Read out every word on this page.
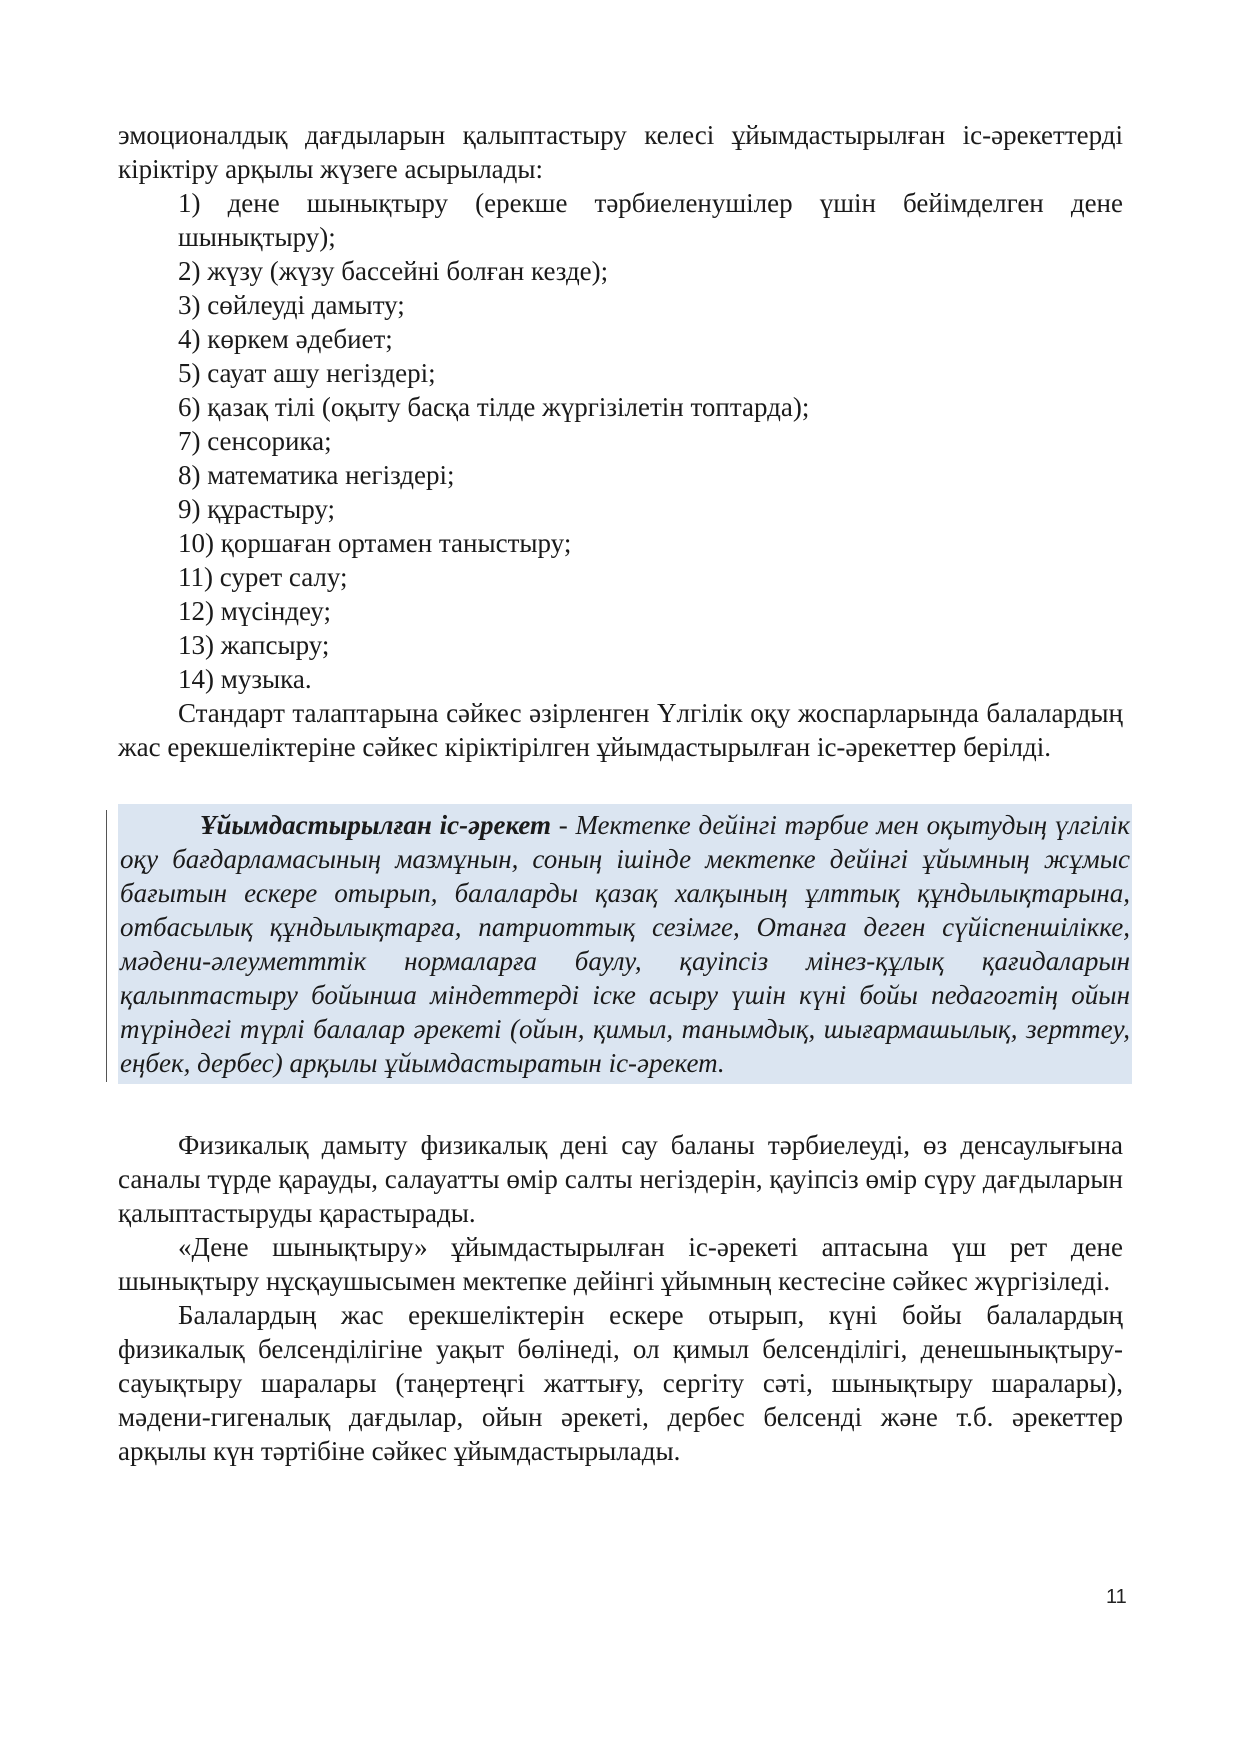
эмоционалдық дағдыларын қалыптастыру келесі ұйымдастырылған іс-әрекеттерді кіріктіру арқылы жүзеге асырылады:

1) дене шынықтыру (ерекше тәрбиеленушілер үшін бейімделген дене шынықтыру);

2) жүзу (жүзу бассейні болған кезде);

3) сөйлеуді дамыту;

4) көркем әдебиет;

5) сауат ашу негіздері;

6) қазақ тілі (оқыту басқа тілде жүргізілетін топтарда);

7) сенсорика;

8) математика негіздері;

9) құрастыру;

10) қоршаған ортамен таныстыру;

11) сурет салу;

12) мүсіндеу;

13) жапсыру;

14) музыка.

Стандарт талаптарына сәйкес әзірленген Үлгілік оқу жоспарларында балалардың жас ерекшеліктеріне сәйкес кіріктірілген ұйымдастырылған іс-әрекеттер берілді.

Ұйымдастырылған іс-әрекет - Мектепке дейінгі тәрбие мен оқытудың үлгілік оқу бағдарламасының мазмұнын, соның ішінде мектепке дейінгі ұйымның жұмыс бағытын ескере отырып, балаларды қазақ халқының ұлттық құндылықтарына, отбасылық құндылықтарға, патриоттық сезімге, Отанға деген сүйіспеншілікке, мәдени-әлеуметттік нормаларға баулу, қауіпсіз мінез-құлық қағидаларын қалыптастыру бойынша міндеттерді іске асыру үшін күні бойы педагогтің ойын түріндегі түрлі балалар әрекеті (ойын, қимыл, танымдық, шығармашылық, зерттеу, еңбек, дербес) арқылы ұйымдастыратын іс-әрекет.

Физикалық дамыту физикалық дені сау баланы тәрбиелеуді, өз денсаулығына саналы түрде қарауды, салауатты өмір салты негіздерін, қауіпсіз өмір сүру дағдыларын қалыптастыруды қарастырады.

«Дене шынықтыру» ұйымдастырылған іс-әрекеті аптасына үш рет дене шынықтыру нұсқаушысымен мектепке дейінгі ұйымның кестесіне сәйкес жүргізіледі.

Балалардың жас ерекшеліктерін ескере отырып, күні бойы балалардың физикалық белсенділігіне уақыт бөлінеді, ол қимыл белсенділігі, денешынықтыру-сауықтыру шаралары (таңертеңгі жаттығу, сергіту сәті, шынықтыру шаралары), мәдени-гигеналық дағдылар, ойын әрекеті, дербес белсенді және т.б. әрекеттер арқылы күн тәртібіне сәйкес ұйымдастырылады.

11
